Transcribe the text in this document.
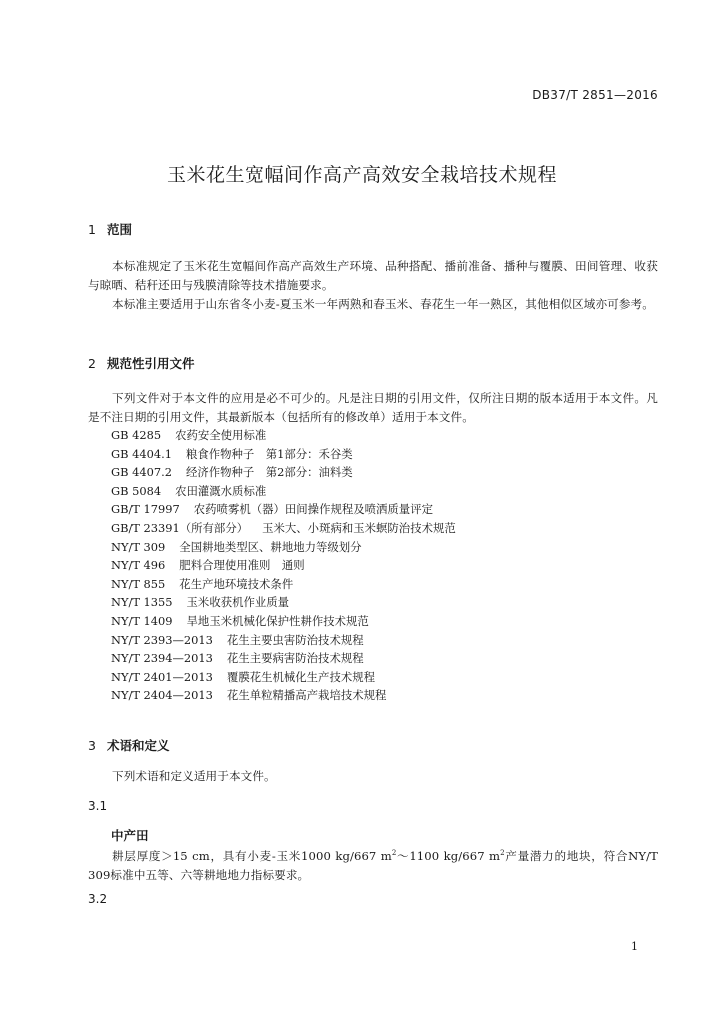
DB37/T 2851—2016
玉米花生宽幅间作高产高效安全栽培技术规程
1 范围

本标准规定了玉米花生宽幅间作高产高效生产环境、品种搭配、播前准备、播种与覆膜、田间管理、收获与晾晒、秸秆还田与残膜清除等技术措施要求。

本标准主要适用于山东省冬小麦-夏玉米一年两熟和春玉米、春花生一年一熟区，其他相似区域亦可参考。

2 规范性引用文件

下列文件对于本文件的应用是必不可少的。凡是注日期的引用文件，仅所注日期的版本适用于本文件。凡是不注日期的引用文件，其最新版本（包括所有的修改单）适用于本文件。

GB 4285 农药安全使用标准
GB 4404.1 粮食作物种子　第1部分：禾谷类
GB 4407.2 经济作物种子　第2部分：油料类
GB 5084 农田灌溉水质标准
GB/T 17997 农药喷雾机（器）田间操作规程及喷洒质量评定
GB/T 23391（所有部分） 玉米大、小斑病和玉米螟防治技术规范
NY/T 309 全国耕地类型区、耕地地力等级划分
NY/T 496 肥料合理使用准则　通则
NY/T 855 花生产地环境技术条件
NY/T 1355 玉米收获机作业质量
NY/T 1409 旱地玉米机械化保护性耕作技术规范
NY/T 2393—2013 花生主要虫害防治技术规程
NY/T 2394—2013 花生主要病害防治技术规程
NY/T 2401—2013 覆膜花生机械化生产技术规程
NY/T 2404—2013 花生单粒精播高产栽培技术规程
3 术语和定义

下列术语和定义适用于本文件。

3.1
中产田

耕层厚度＞15 cm，具有小麦-玉米1000 kg/667 $m^2\sim 1100$ kg/667 $m^2$产量潜力的地块，符合NY/T 309标准中五等、六等耕地地力指标要求。

3.2
1
